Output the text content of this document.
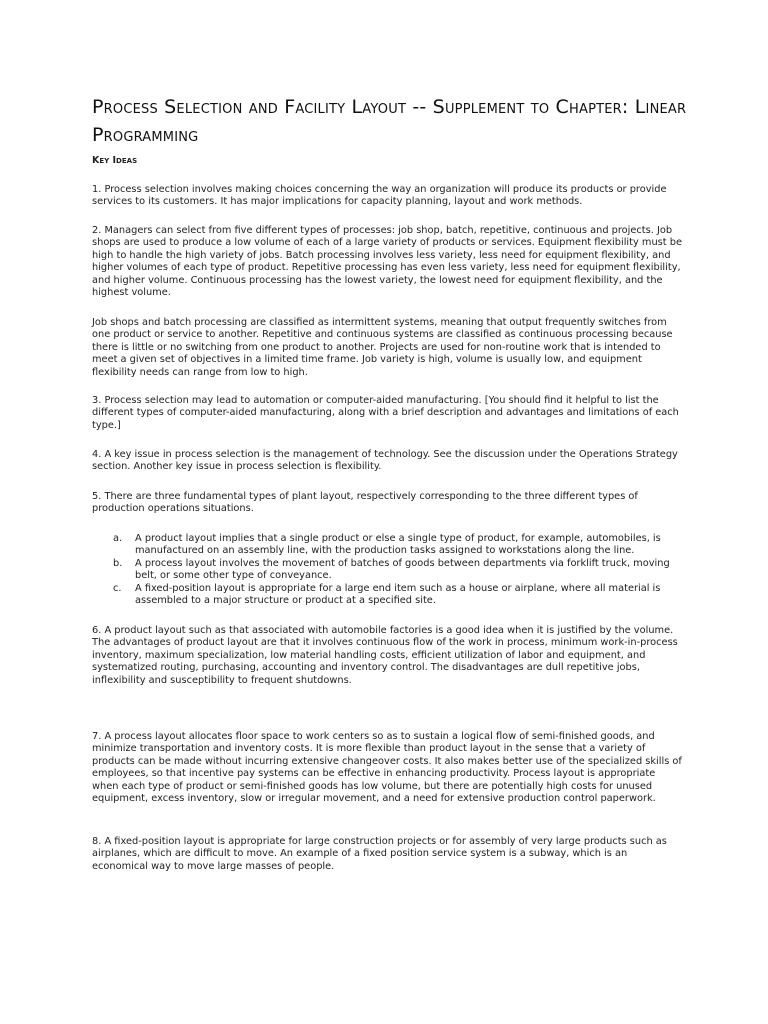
Process Selection and Facility Layout -- Supplement to Chapter: Linear Programming
Key Ideas

1. Process selection involves making choices concerning the way an organization will produce its products or provide services to its customers. It has major implications for capacity planning, layout and work methods.

2. Managers can select from five different types of processes: job shop, batch, repetitive, continuous and projects. Job shops are used to produce a low volume of each of a large variety of products or services. Equipment flexibility must be high to handle the high variety of jobs. Batch processing involves less variety, less need for equipment flexibility, and higher volumes of each type of product. Repetitive processing has even less variety, less need for equipment flexibility, and higher volume. Continuous processing has the lowest variety, the lowest need for equipment flexibility, and the highest volume.

Job shops and batch processing are classified as intermittent systems, meaning that output frequently switches from one product or service to another. Repetitive and continuous systems are classified as continuous processing because there is little or no switching from one product to another. Projects are used for non-routine work that is intended to meet a given set of objectives in a limited time frame. Job variety is high, volume is usually low, and equipment flexibility needs can range from low to high.

3. Process selection may lead to automation or computer-aided manufacturing. [You should find it helpful to list the different types of computer-aided manufacturing, along with a brief description and advantages and limitations of each type.]

4. A key issue in process selection is the management of technology. See the discussion under the Operations Strategy section. Another key issue in process selection is flexibility.

5. There are three fundamental types of plant layout, respectively corresponding to the three different types of production operations situations.

a. A product layout implies that a single product or else a single type of product, for example, automobiles, is manufactured on an assembly line, with the production tasks assigned to workstations along the line.
b. A process layout involves the movement of batches of goods between departments via forklift truck, moving belt, or some other type of conveyance.
c. A fixed-position layout is appropriate for a large end item such as a house or airplane, where all material is assembled to a major structure or product at a specified site.

6. A product layout such as that associated with automobile factories is a good idea when it is justified by the volume. The advantages of product layout are that it involves continuous flow of the work in process, minimum work-in-process inventory, maximum specialization, low material handling costs, efficient utilization of labor and equipment, and systematized routing, purchasing, accounting and inventory control. The disadvantages are dull repetitive jobs, inflexibility and susceptibility to frequent shutdowns.

7. A process layout allocates floor space to work centers so as to sustain a logical flow of semi-finished goods, and minimize transportation and inventory costs. It is more flexible than product layout in the sense that a variety of products can be made without incurring extensive changeover costs. It also makes better use of the specialized skills of employees, so that incentive pay systems can be effective in enhancing productivity. Process layout is appropriate when each type of product or semi-finished goods has low volume, but there are potentially high costs for unused equipment, excess inventory, slow or irregular movement, and a need for extensive production control paperwork.

8. A fixed-position layout is appropriate for large construction projects or for assembly of very large products such as airplanes, which are difficult to move. An example of a fixed position service system is a subway, which is an economical way to move large masses of people.
